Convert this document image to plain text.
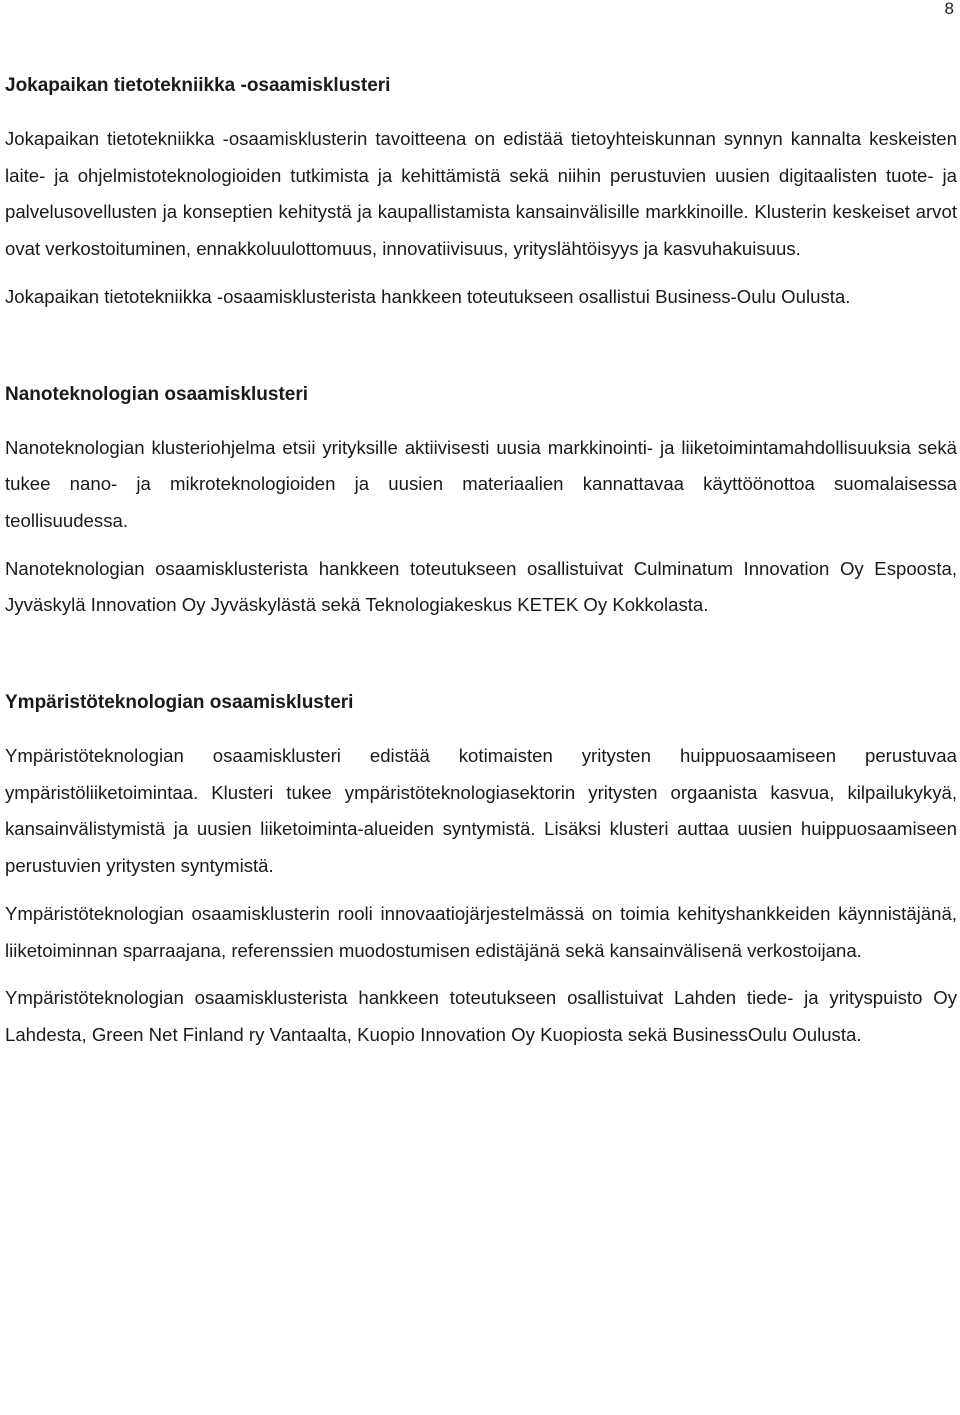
8
Jokapaikan tietotekniikka -osaamisklusteri

Jokapaikan tietotekniikka -osaamisklusterin tavoitteena on edistää tietoyhteiskunnan synnyn kannalta keskeisten laite- ja ohjelmistoteknologioiden tutkimista ja kehittämistä sekä niihin perustuvien uusien digitaalisten tuote- ja palvelusovellusten ja konseptien kehitystä ja kaupallistamista kansainvälisille markkinoille. Klusterin keskeiset arvot ovat verkostoituminen, ennakkoluulottomuus, innovatiivisuus, yrityslähtöisyys ja kasvuhakuisuus.

Jokapaikan tietotekniikka -osaamisklusterista hankkeen toteutukseen osallistui Business-Oulu Oulusta.

Nanoteknologian osaamisklusteri

Nanoteknologian klusteriohjelma etsii yrityksille aktiivisesti uusia markkinointi- ja liiketoimintamahdollisuuksia sekä tukee nano- ja mikroteknologioiden ja uusien materiaalien kannattavaa käyttöönottoa suomalaisessa teollisuudessa.

Nanoteknologian osaamisklusterista hankkeen toteutukseen osallistuivat Culminatum Innovation Oy Espoosta, Jyväskylä Innovation Oy Jyväskylästä sekä Teknologiakeskus KETEK Oy Kokkolasta.

Ympäristöteknologian osaamisklusteri

Ympäristöteknologian osaamisklusteri edistää kotimaisten yritysten huippuosaamiseen perustuvaa ympäristöliiketoimintaa. Klusteri tukee ympäristöteknologiasektorin yritysten orgaanista kasvua, kilpailukykyä, kansainvälistymistä ja uusien liiketoiminta-alueiden syntymistä. Lisäksi klusteri auttaa uusien huippuosaamiseen perustuvien yritysten syntymistä.

Ympäristöteknologian osaamisklusterin rooli innovaatiojärjestelmässä on toimia kehityshankkeiden käynnistäjänä, liiketoiminnan sparraajana, referenssien muodostumisen edistäjänä sekä kansainvälisenä verkostoijana.

Ympäristöteknologian osaamisklusterista hankkeen toteutukseen osallistuivat Lahden tiede- ja yrityspuisto Oy Lahdesta, Green Net Finland ry Vantaalta, Kuopio Innovation Oy Kuopiosta sekä BusinessOulu Oulusta.
